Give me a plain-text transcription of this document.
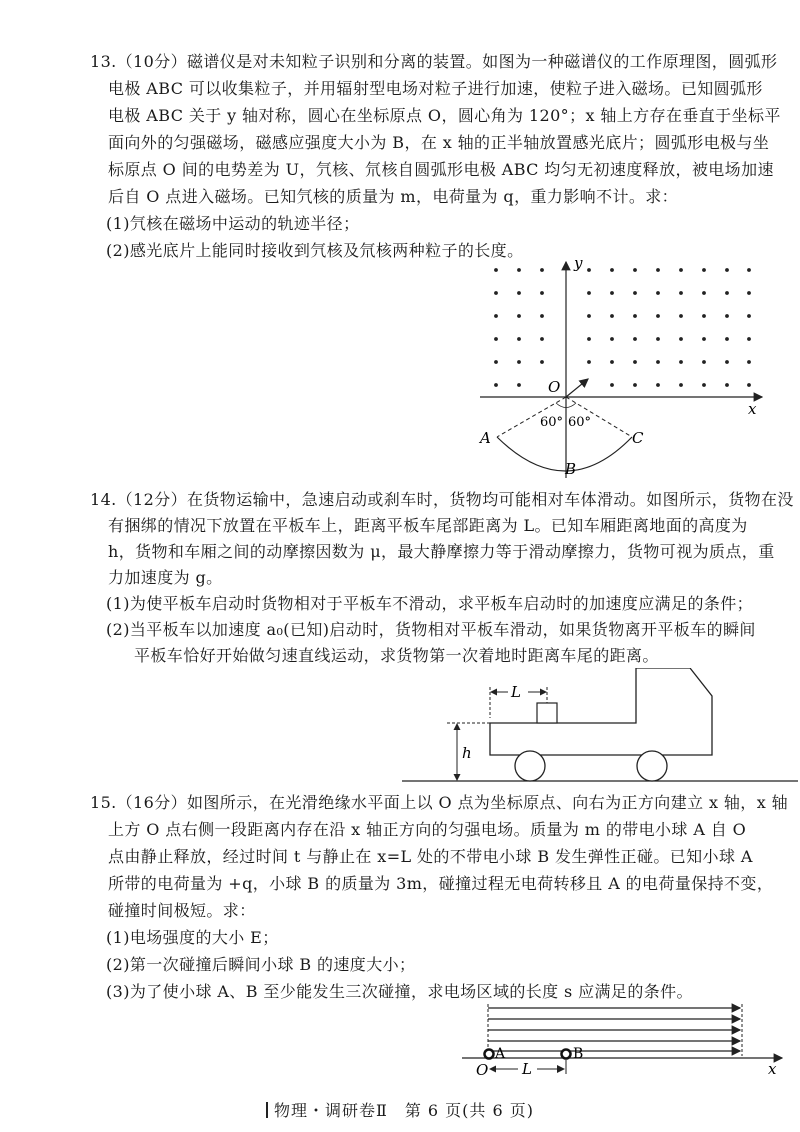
13.（10分）磁谱仪是对未知粒子识别和分离的装置。如图为一种磁谱仪的工作原理图，圆弧形
电极 ABC 可以收集粒子，并用辐射型电场对粒子进行加速，使粒子进入磁场。已知圆弧形
电极 ABC 关于 y 轴对称，圆心在坐标原点 O，圆心角为 120°；x 轴上方存在垂直于坐标平
面向外的匀强磁场，磁感应强度大小为 B，在 x 轴的正半轴放置感光底片；圆弧形电极与坐
标原点 O 间的电势差为 U，氕核、氘核自圆弧形电极 ABC 均匀无初速度释放，被电场加速
后自 O 点进入磁场。已知氕核的质量为 m，电荷量为 q，重力影响不计。求：
(1)氕核在磁场中运动的轨迹半径；
(2)感光底片上能同时接收到氕核及氘核两种粒子的长度。
y
x
O
A
B
C
60° 60°
14.（12分）在货物运输中，急速启动或刹车时，货物均可能相对车体滑动。如图所示，货物在没
有捆绑的情况下放置在平板车上，距离平板车尾部距离为 L。已知车厢距离地面的高度为
h，货物和车厢之间的动摩擦因数为 μ，最大静摩擦力等于滑动摩擦力，货物可视为质点，重
力加速度为 g。
(1)为使平板车启动时货物相对于平板车不滑动，求平板车启动时的加速度应满足的条件；
(2)当平板车以加速度 a₀(已知)启动时，货物相对平板车滑动，如果货物离开平板车的瞬间
平板车恰好开始做匀速直线运动，求货物第一次着地时距离车尾的距离。
L
h
15.（16分）如图所示，在光滑绝缘水平面上以 O 点为坐标原点、向右为正方向建立 x 轴，x 轴
上方 O 点右侧一段距离内存在沿 x 轴正方向的匀强电场。质量为 m 的带电小球 A 自 O
点由静止释放，经过时间 t 与静止在 x=L 处的不带电小球 B 发生弹性正碰。已知小球 A
所带的电荷量为 +q，小球 B 的质量为 3m，碰撞过程无电荷转移且 A 的电荷量保持不变，
碰撞时间极短。求：
(1)电场强度的大小 E；
(2)第一次碰撞后瞬间小球 B 的速度大小；
(3)为了使小球 A、B 至少能发生三次碰撞，求电场区域的长度 s 应满足的条件。
A	B
O L	x
物理・调研卷Ⅱ　第 6 页(共 6 页)
